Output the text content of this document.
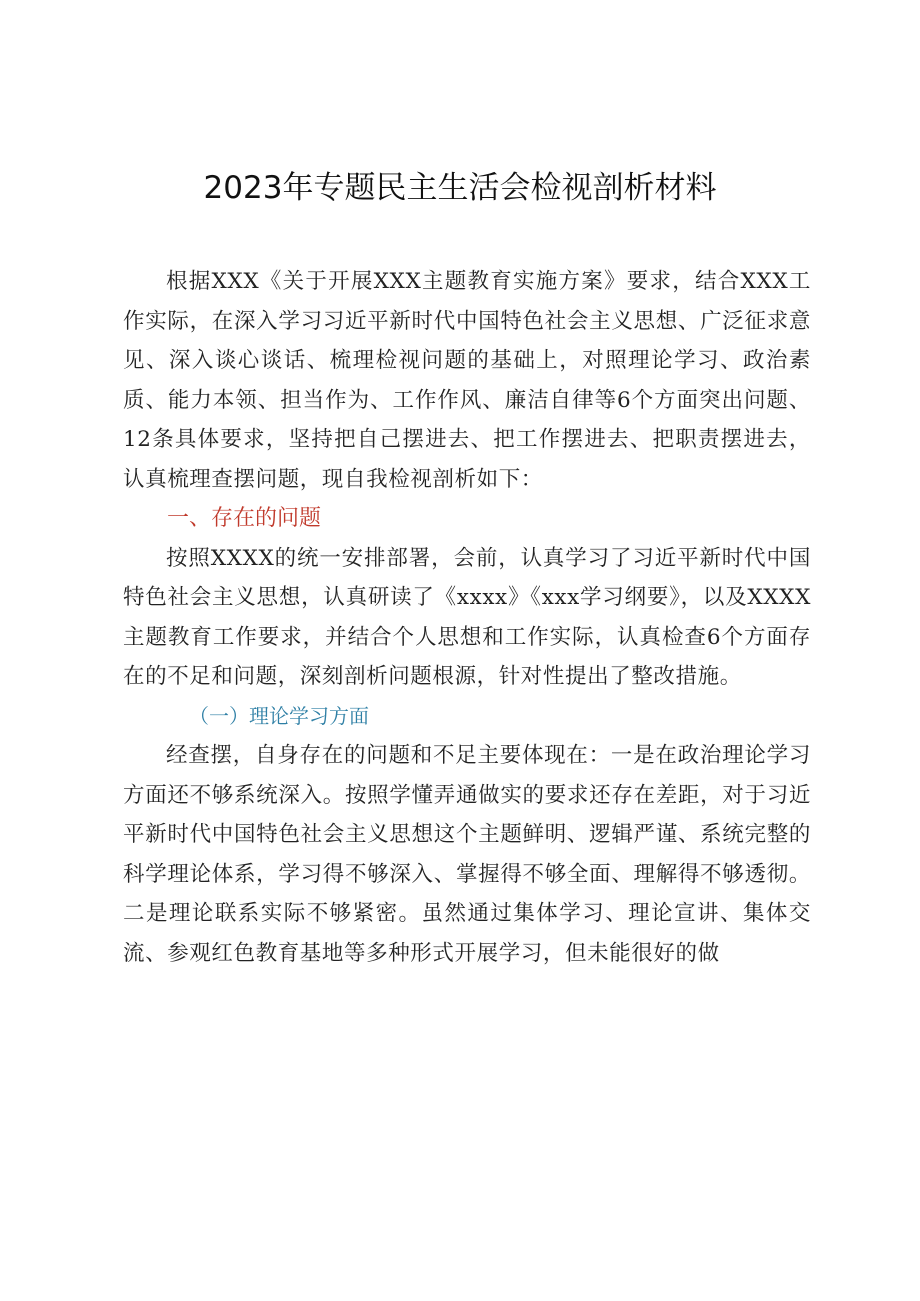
2023年专题民主生活会检视剖析材料

根据XXX《关于开展XXX主题教育实施方案》要求，结合XXX工作实际，在深入学习习近平新时代中国特色社会主义思想、广泛征求意见、深入谈心谈话、梳理检视问题的基础上，对照理论学习、政治素质、能力本领、担当作为、工作作风、廉洁自律等6个方面突出问题、12条具体要求，坚持把自己摆进去、把工作摆进去、把职责摆进去，认真梳理查摆问题，现自我检视剖析如下：

一、存在的问题

按照XXXX的统一安排部署，会前，认真学习了习近平新时代中国特色社会主义思想，认真研读了《xxxx》《xxx学习纲要》，以及XXXX主题教育工作要求，并结合个人思想和工作实际，认真检查6个方面存在的不足和问题，深刻剖析问题根源，针对性提出了整改措施。

（一）理论学习方面

经查摆，自身存在的问题和不足主要体现在：一是在政治理论学习方面还不够系统深入。按照学懂弄通做实的要求还存在差距，对于习近平新时代中国特色社会主义思想这个主题鲜明、逻辑严谨、系统完整的科学理论体系，学习得不够深入、掌握得不够全面、理解得不够透彻。二是理论联系实际不够紧密。虽然通过集体学习、理论宣讲、集体交流、参观红色教育基地等多种形式开展学习，但未能很好的做
